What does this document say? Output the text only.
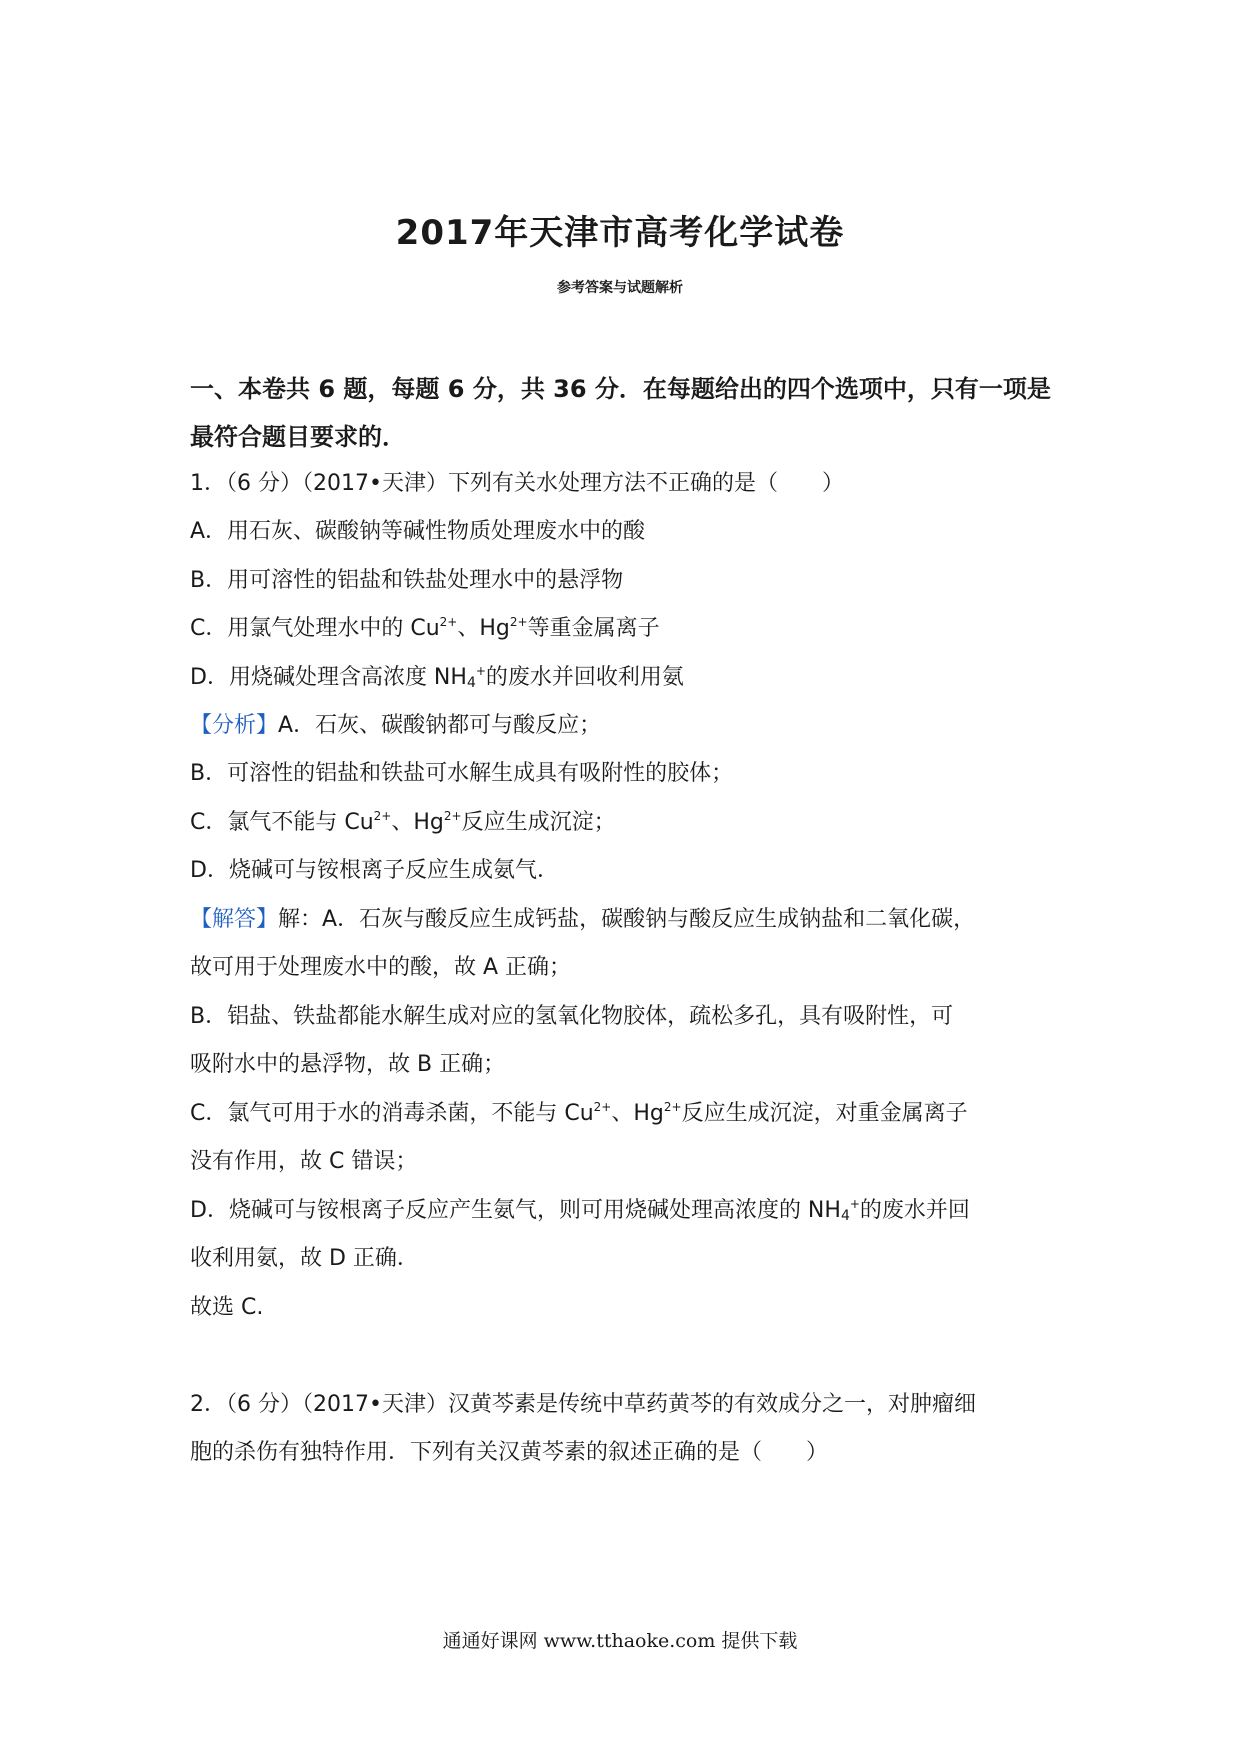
2017年天津市高考化学试卷
参考答案与试题解析
一、本卷共 6 题，每题 6 分，共 36 分．在每题给出的四个选项中，只有一项是
最符合题目要求的．
1．（6 分）（2017•天津）下列有关水处理方法不正确的是（　　）
A．用石灰、碳酸钠等碱性物质处理废水中的酸
B．用可溶性的铝盐和铁盐处理水中的悬浮物
C．用氯气处理水中的 $Cu^{2+}$、$Hg^{2+}$等重金属离子
D．用烧碱处理含高浓度 $NH_4^+$的废水并回收利用氨
【分析】A．石灰、碳酸钠都可与酸反应；
B．可溶性的铝盐和铁盐可水解生成具有吸附性的胶体；
C．氯气不能与 $Cu^{2+}$、$Hg^{2+}$反应生成沉淀；
D．烧碱可与铵根离子反应生成氨气．
【解答】解：A．石灰与酸反应生成钙盐，碳酸钠与酸反应生成钠盐和二氧化碳，
故可用于处理废水中的酸，故 A 正确；
B．铝盐、铁盐都能水解生成对应的氢氧化物胶体，疏松多孔，具有吸附性，可
吸附水中的悬浮物，故 B 正确；
C．氯气可用于水的消毒杀菌，不能与 $Cu^{2+}$、$Hg^{2+}$反应生成沉淀，对重金属离子
没有作用，故 C 错误；
D．烧碱可与铵根离子反应产生氨气，则可用烧碱处理高浓度的 $NH_4^+$的废水并回
收利用氨，故 D 正确．
故选 C.
2．（6 分）（2017•天津）汉黄芩素是传统中草药黄芩的有效成分之一，对肿瘤细
胞的杀伤有独特作用．下列有关汉黄芩素的叙述正确的是（　　）
通通好课网 www.tthaoke.com 提供下载
